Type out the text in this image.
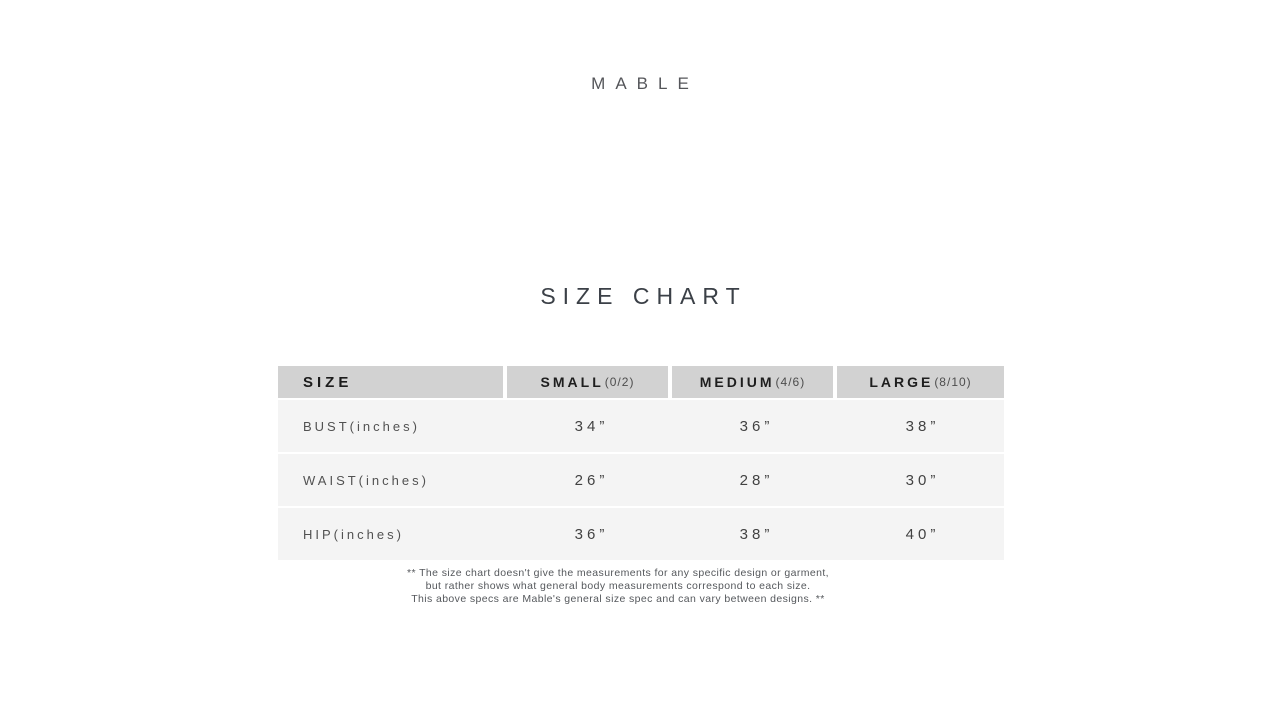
MABLE
SIZE CHART
SIZE	SMALL (0/2)	MEDIUM (4/6)	LARGE (8/10)
BUST(inches)	34”	36”	38”
WAIST(inches)	26”	28”	30”
HIP(inches)	36”	38”	40”
** The size chart doesn't give the measurements for any specific design or garment,
but rather shows what general body measurements correspond to each size.
This above specs are Mable's general size spec and can vary between designs. **
